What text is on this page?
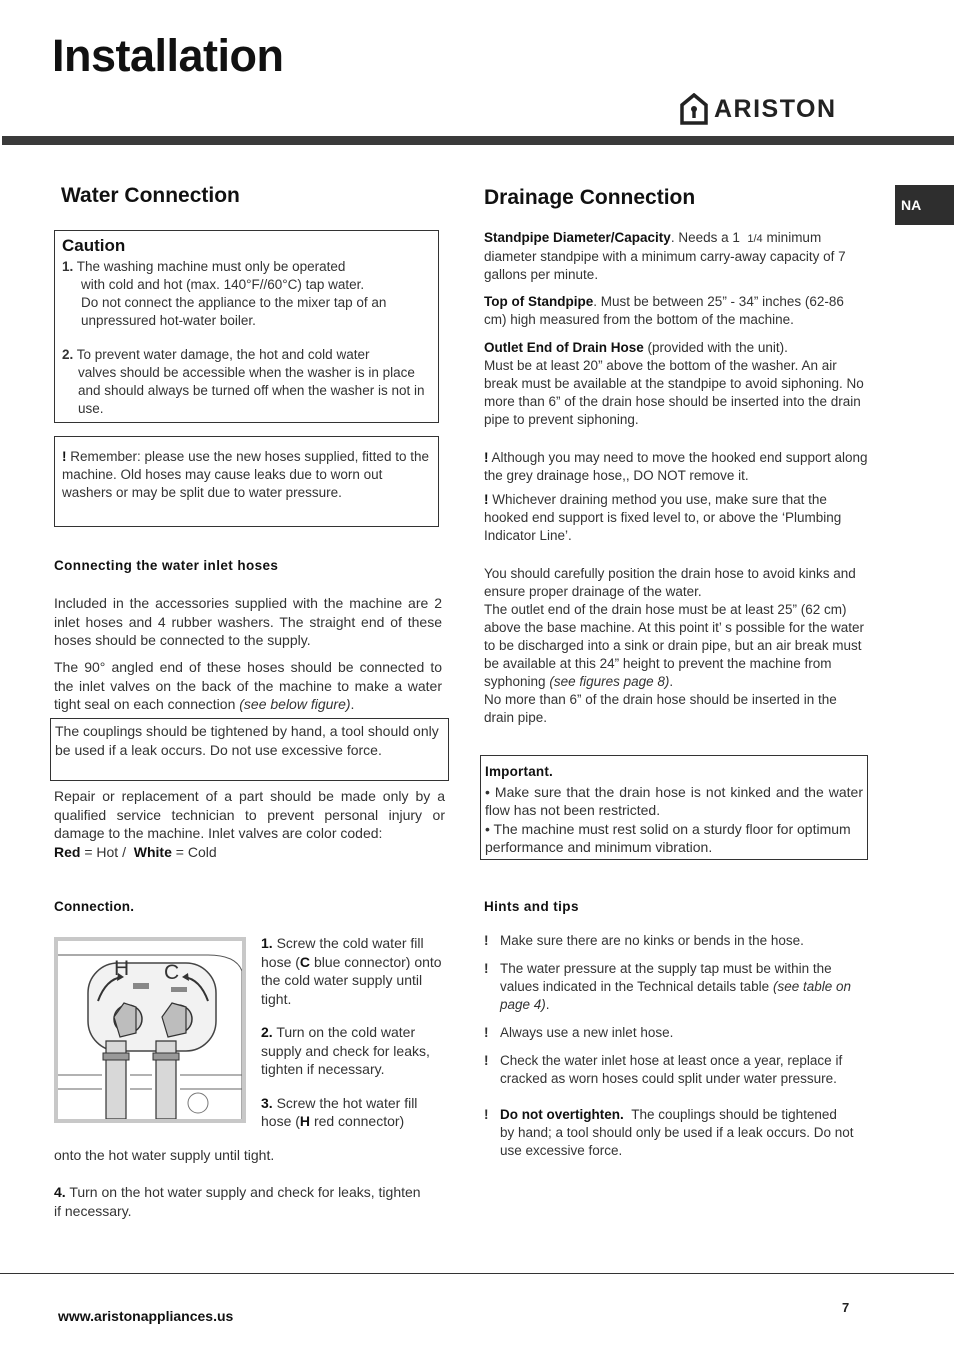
Installation
ARISTON
NA
Water Connection
Caution
1. The washing machine must only be operated
with cold and hot (max. 140°F//60°C) tap water.
Do not connect the appliance to the mixer tap of an unpressured hot-water boiler.
2. To prevent water damage, the hot and cold water
valves should be accessible when the washer is in place and should always be turned off when the washer is not in use.
! Remember: please use the new hoses supplied, fitted to the machine. Old hoses may cause leaks due to worn out washers or may be split due to water pressure.
Connecting the water inlet hoses

Included in the accessories supplied with the machine are 2 inlet hoses and 4 rubber washers. The straight end of these hoses should be connected to the supply.

The 90° angled end of these hoses should be connected to the inlet valves on the back of the machine to make a water tight seal on each connection (see below figure).

The couplings should be tightened by hand, a tool should only be used if a leak occurs. Do not use excessive force.

Repair or replacement of a part should be made only by a qualified service technician to prevent personal injury or damage to the machine. Inlet valves are color coded:
Red = Hot / White = Cold

Connection.
H C

1. Screw the cold water fill hose (C blue connector) onto the cold water supply until tight.

2. Turn on the cold water supply and check for leaks, tighten if necessary.

3. Screw the hot water fill hose (H red connector)

onto the hot water supply until tight.

4. Turn on the hot water supply and check for leaks, tighten if necessary.

Drainage Connection

Standpipe Diameter/Capacity. Needs a 1 1/4 minimum diameter standpipe with a minimum carry-away capacity of 7 gallons per minute.

Top of Standpipe. Must be between 25” - 34” inches (62-86 cm) high measured from the bottom of the machine.

Outlet End of Drain Hose (provided with the unit).
Must be at least 20” above the bottom of the washer. An air break must be available at the standpipe to avoid siphoning. No more than 6” of the drain hose should be inserted into the drain pipe to prevent siphoning.

! Although you may need to move the hooked end support along the grey drainage hose,, DO NOT remove it.

! Whichever draining method you use, make sure that the hooked end support is fixed level to, or above the ‘Plumbing Indicator Line’.

You should carefully position the drain hose to avoid kinks and ensure proper drainage of the water.
The outlet end of the drain hose must be at least 25” (62 cm) above the base machine. At this point it’ s possible for the water to be discharged into a sink or drain pipe, but an air break must be available at this 24” height to prevent the machine from syphoning (see figures page 8).
No more than 6” of the drain hose should be inserted in the drain pipe.

Important.
• Make sure that the drain hose is not kinked and the water flow has not been restricted.
• The machine must rest solid on a sturdy floor for optimum performance and minimum vibration.
Hints and tips
! Make sure there are no kinks or bends in the hose.
! The water pressure at the supply tap must be within the values indicated in the Technical details table (see table on page 4).
! Always use a new inlet hose.
! Check the water inlet hose at least once a year, replace if cracked as worn hoses could split under water pressure.
! Do not overtighten. The couplings should be tightened by hand; a tool should only be used if a leak occurs. Do not use excessive force.
www.aristonappliances.us
7
